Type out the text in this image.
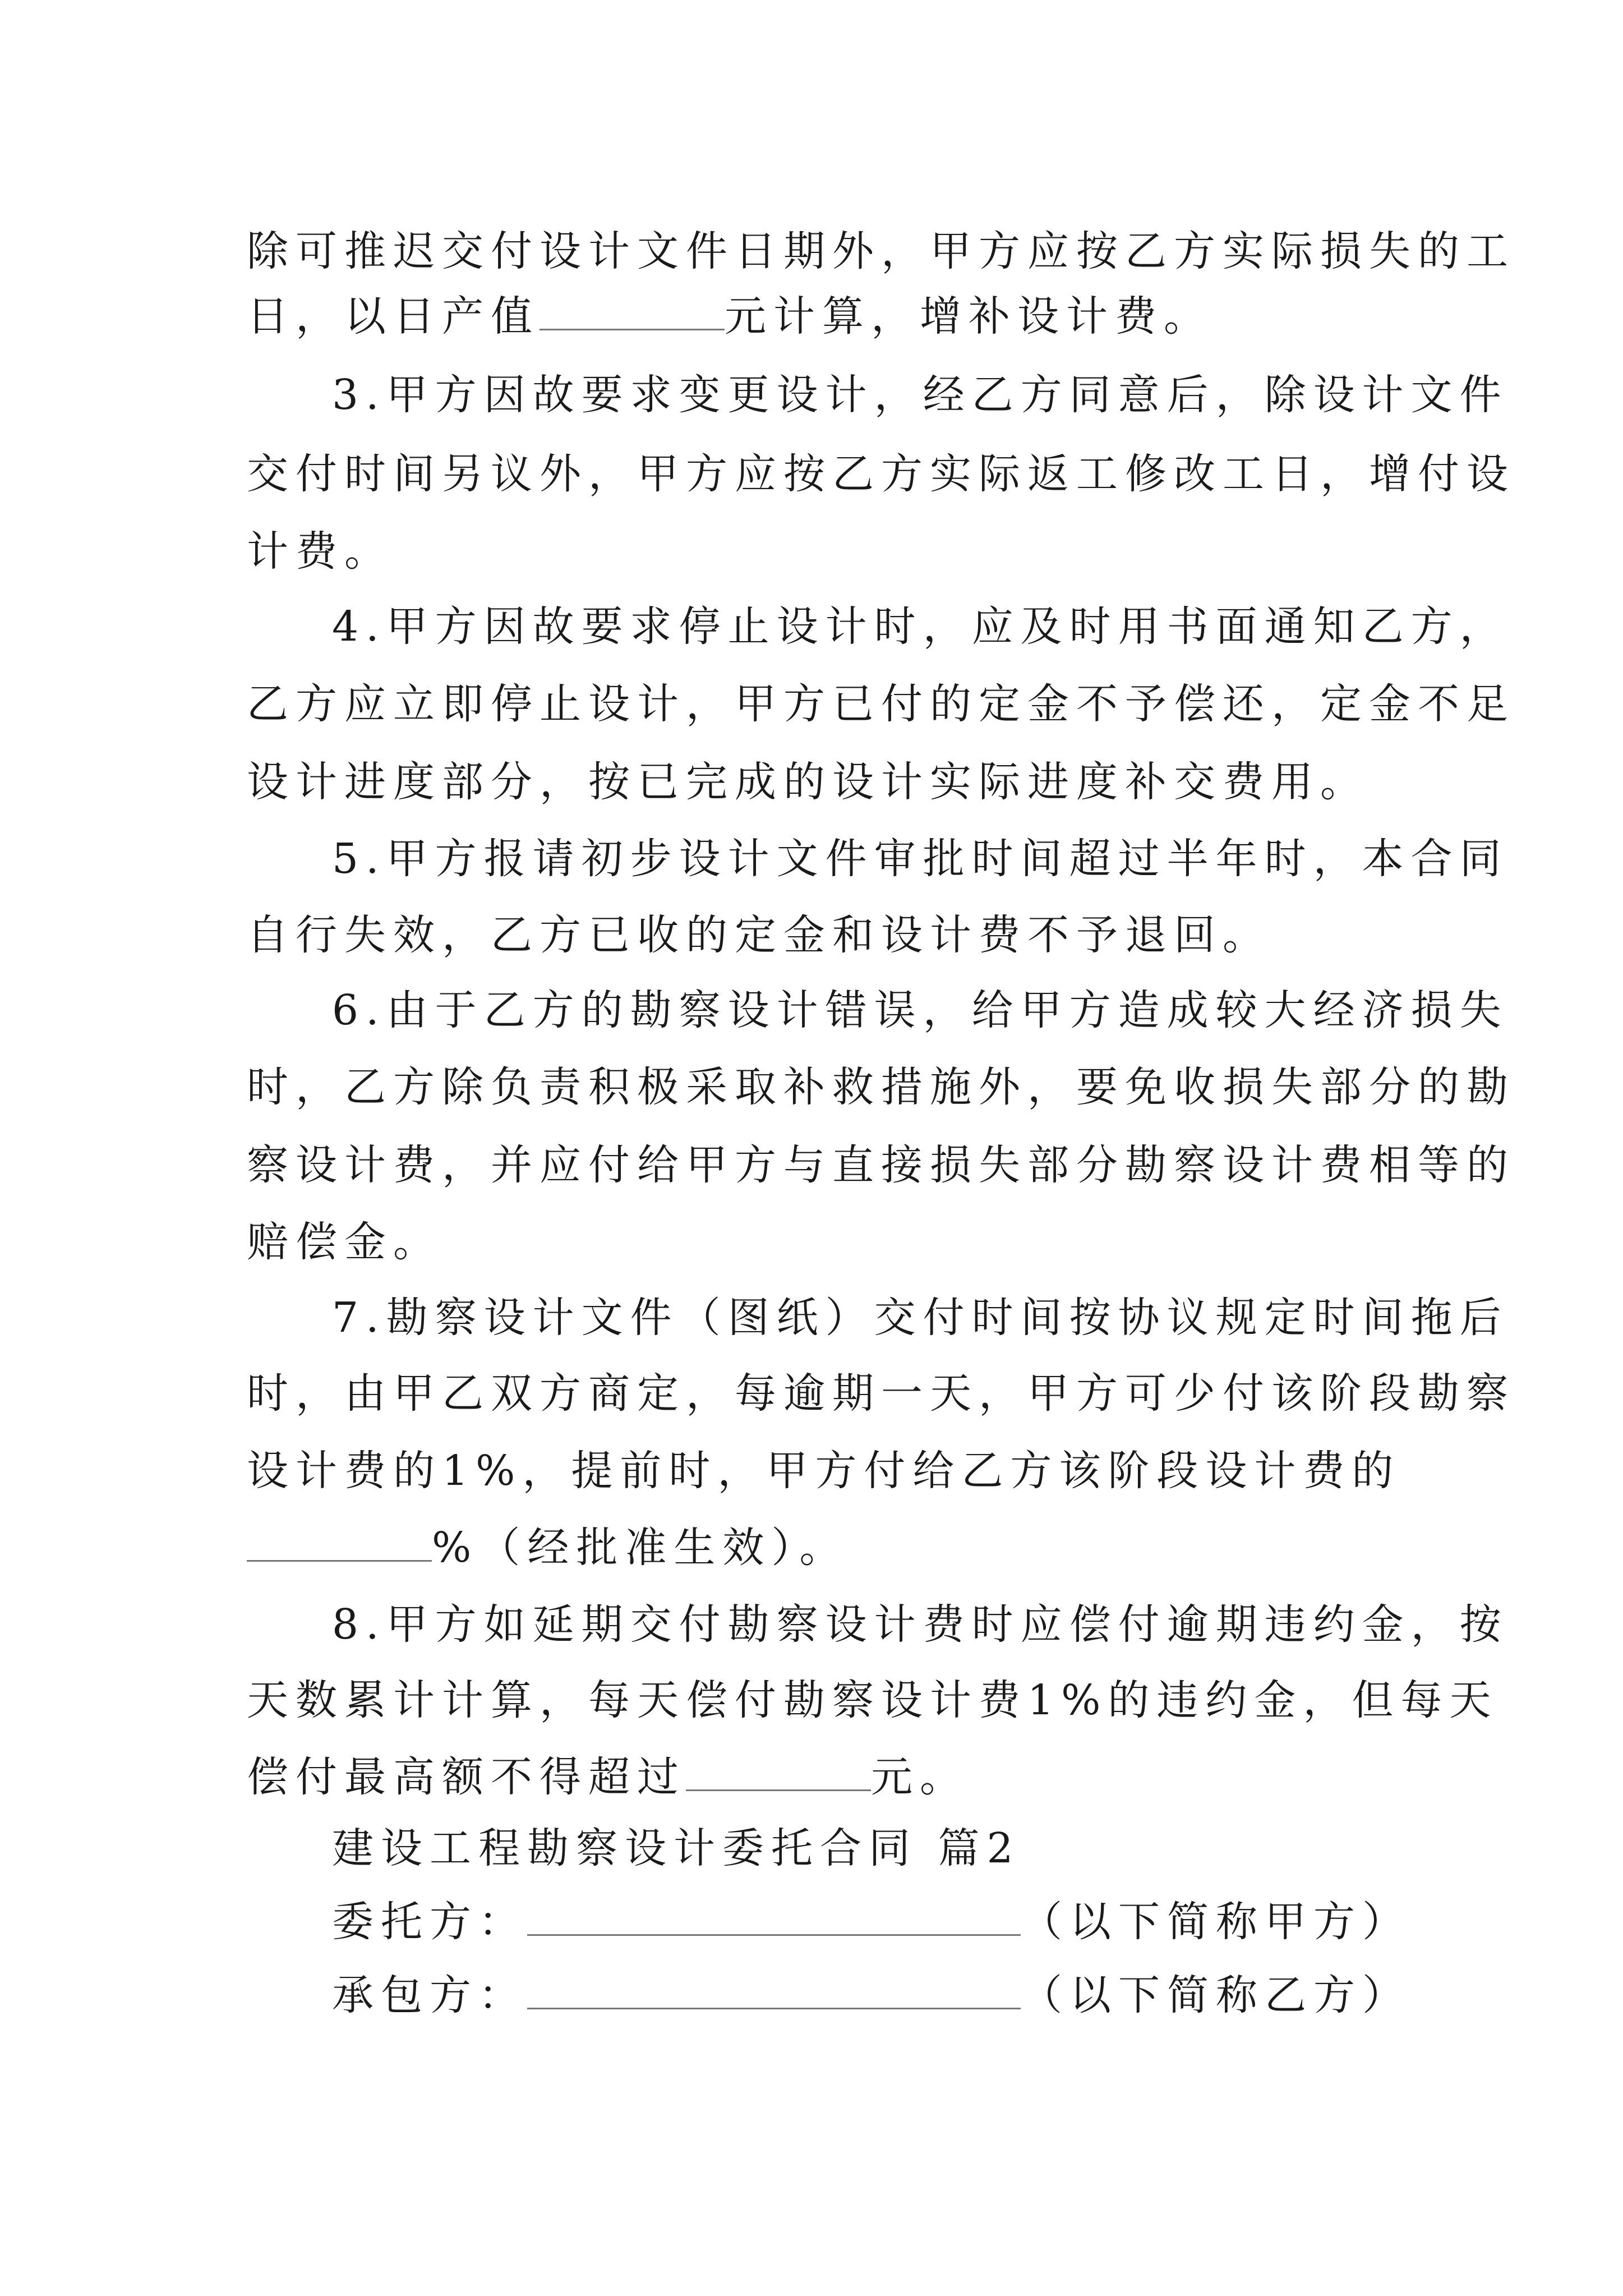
除可推迟交付设计文件日期外，甲方应按乙方实际损失的工
日，以日产值	元计算，增补设计费。
3.甲方因故要求变更设计，经乙方同意后，除设计文件
交付时间另议外，甲方应按乙方实际返工修改工日，增付设
计费。
4.甲方因故要求停止设计时，应及时用书面通知乙方，
乙方应立即停止设计，甲方已付的定金不予偿还，定金不足
设计进度部分，按已完成的设计实际进度补交费用。
5.甲方报请初步设计文件审批时间超过半年时，本合同
自行失效，乙方已收的定金和设计费不予退回。
6.由于乙方的勘察设计错误，给甲方造成较大经济损失
时，乙方除负责积极采取补救措施外，要免收损失部分的勘
察设计费，并应付给甲方与直接损失部分勘察设计费相等的
赔偿金。
7.勘察设计文件（图纸）交付时间按协议规定时间拖后
时，由甲乙双方商定，每逾期一天，甲方可少付该阶段勘察
设计费的1%，提前时，甲方付给乙方该阶段设计费的
%（经批准生效）。
8.甲方如延期交付勘察设计费时应偿付逾期违约金，按
天数累计计算，每天偿付勘察设计费1%的违约金，但每天
偿付最高额不得超过	元。
建设工程勘察设计委托合同 篇2
委托方：	（以下简称甲方）
承包方：	（以下简称乙方）
